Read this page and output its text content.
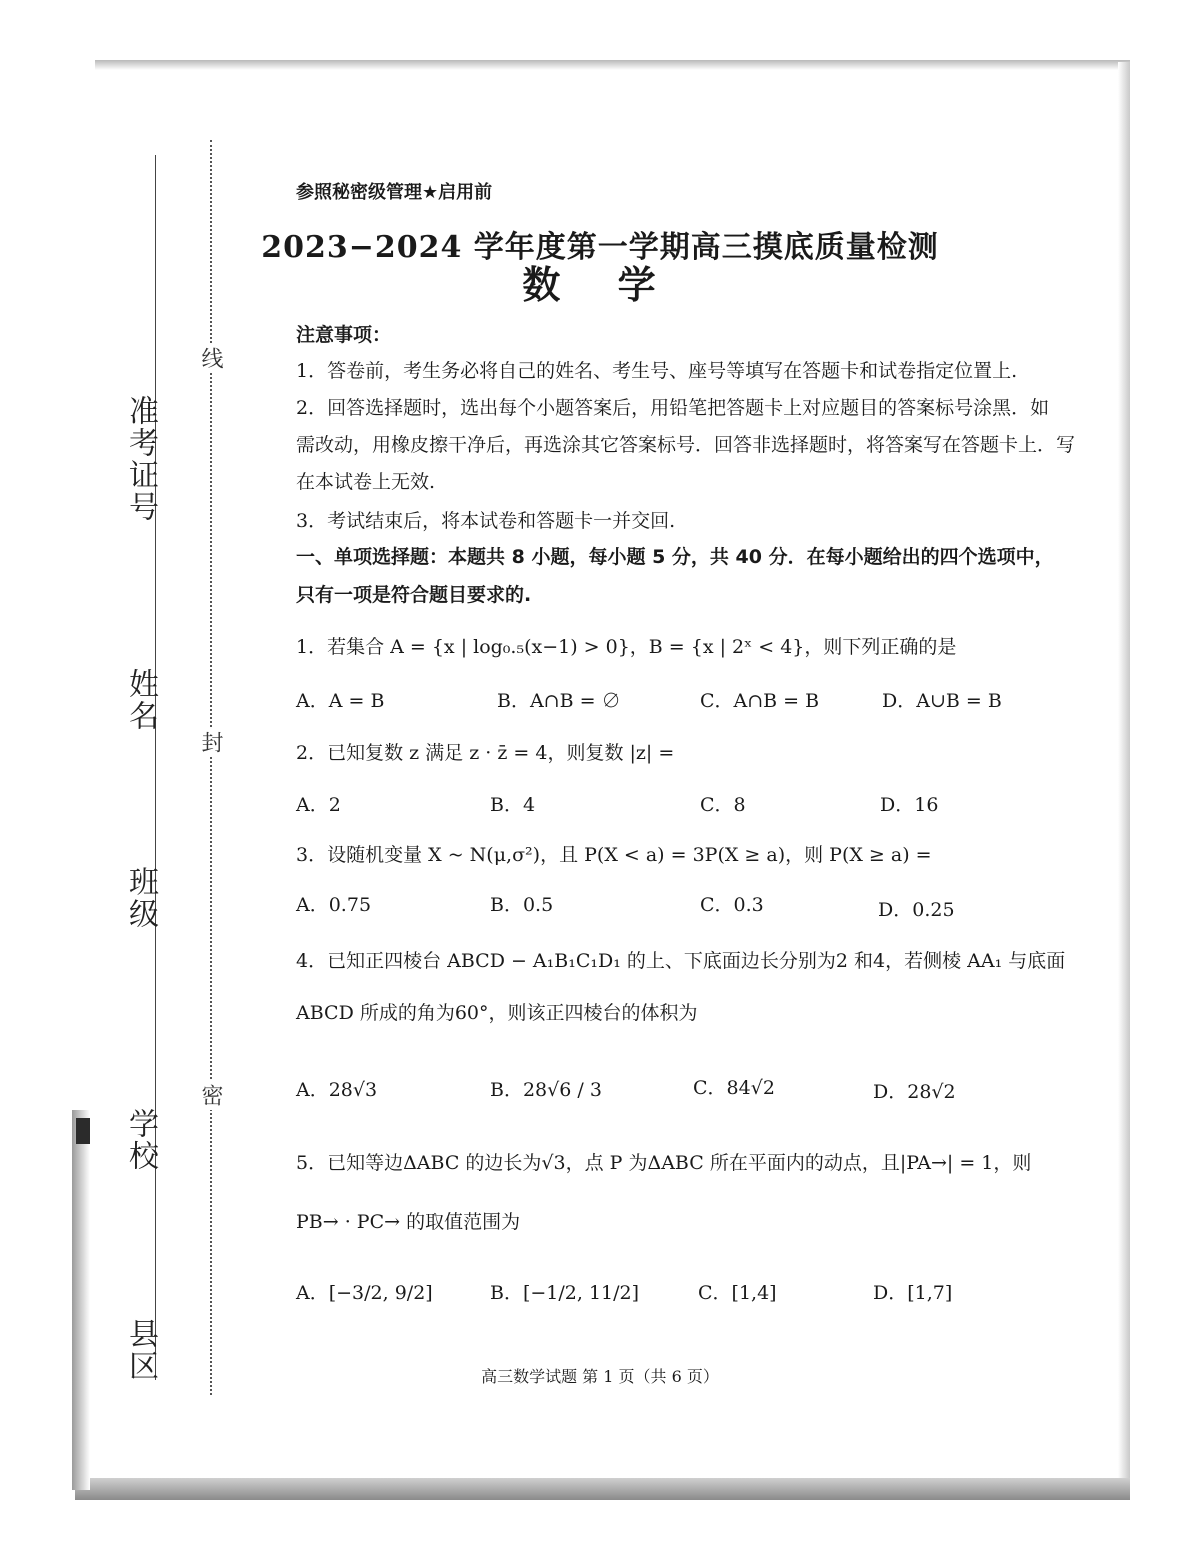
准考证号
姓名
班级
学校
县区
线
封
密
参照秘密级管理★启用前
2023−2024 学年度第一学期高三摸底质量检测
数 学
注意事项：
1．答卷前，考生务必将自己的姓名、考生号、座号等填写在答题卡和试卷指定位置上.
2．回答选择题时，选出每个小题答案后，用铅笔把答题卡上对应题目的答案标号涂黑．如
需改动，用橡皮擦干净后，再选涂其它答案标号．回答非选择题时，将答案写在答题卡上．写
在本试卷上无效.
3．考试结束后，将本试卷和答题卡一并交回.
一、单项选择题：本题共 8 小题，每小题 5 分，共 40 分．在每小题给出的四个选项中，
只有一项是符合题目要求的.
1．若集合 A = {x | log₀.₅(x−1) > 0}，B = {x | 2ˣ < 4}，则下列正确的是
A．A = B	B．A∩B = ∅	C．A∩B = B	D．A∪B = B
2．已知复数 z 满足 z · z̄ = 4，则复数 |z| =
A．2	B．4	C．8	D．16
3．设随机变量 X ~ N(μ,σ²)，且 P(X < a) = 3P(X ≥ a)，则 P(X ≥ a) =
A．0.75	B．0.5	C．0.3	D．0.25
4．已知正四棱台 ABCD − A₁B₁C₁D₁ 的上、下底面边长分别为2 和4，若侧棱 AA₁ 与底面
ABCD 所成的角为60°，则该正四棱台的体积为
A．28√3	B．28√6 / 3	C．84√2	D．28√2
5．已知等边ΔABC 的边长为√3，点 P 为ΔABC 所在平面内的动点，且|PA→| = 1，则
PB→ · PC→ 的取值范围为
A．[−3/2, 9/2]	B．[−1/2, 11/2]	C．[1,4]	D．[1,7]
高三数学试题 第 1 页（共 6 页）
